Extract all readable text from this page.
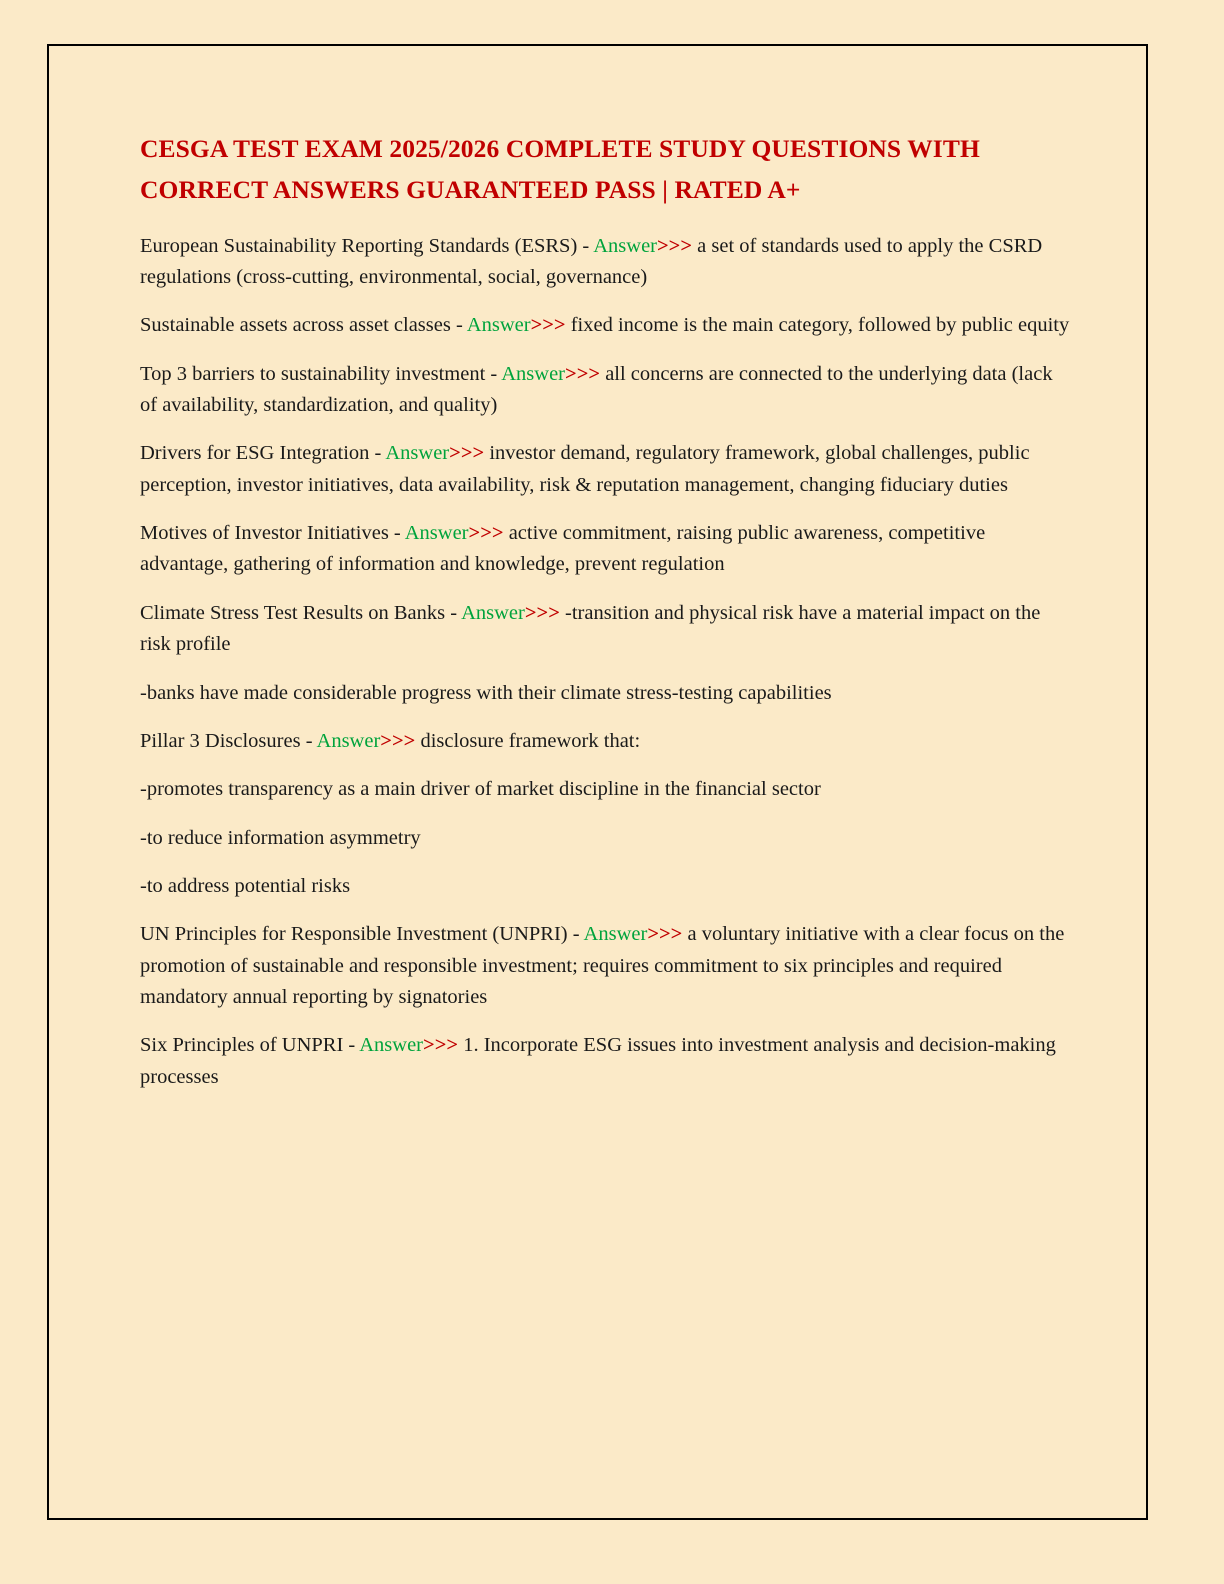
CESGA TEST EXAM 2025/2026 COMPLETE STUDY QUESTIONS WITH CORRECT ANSWERS GUARANTEED PASS | RATED A+

European Sustainability Reporting Standards (ESRS) - Answer>>> a set of standards used to apply the CSRD regulations (cross-cutting, environmental, social, governance)

Sustainable assets across asset classes - Answer>>> fixed income is the main category, followed by public equity

Top 3 barriers to sustainability investment - Answer>>> all concerns are connected to the underlying data (lack of availability, standardization, and quality)

Drivers for ESG Integration - Answer>>> investor demand, regulatory framework, global challenges, public perception, investor initiatives, data availability, risk & reputation management, changing fiduciary duties

Motives of Investor Initiatives - Answer>>> active commitment, raising public awareness, competitive advantage, gathering of information and knowledge, prevent regulation

Climate Stress Test Results on Banks - Answer>>> -transition and physical risk have a material impact on the risk profile

-banks have made considerable progress with their climate stress-testing capabilities

Pillar 3 Disclosures - Answer>>> disclosure framework that:

-promotes transparency as a main driver of market discipline in the financial sector

-to reduce information asymmetry

-to address potential risks

UN Principles for Responsible Investment (UNPRI) - Answer>>> a voluntary initiative with a clear focus on the promotion of sustainable and responsible investment; requires commitment to six principles and required mandatory annual reporting by signatories

Six Principles of UNPRI - Answer>>> 1. Incorporate ESG issues into investment analysis and decision-making processes
